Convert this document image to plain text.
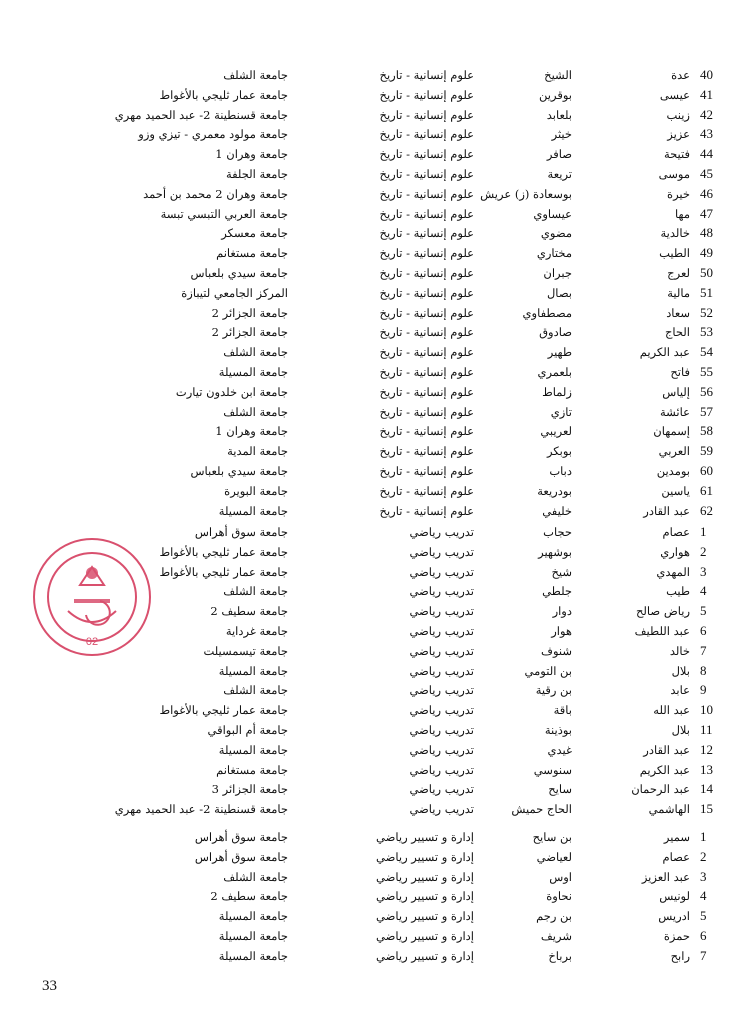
40
عدة
الشيخ
علوم إنسانية - تاريخ
جامعة الشلف
41
عيسى
بوقرين
علوم إنسانية - تاريخ
جامعة عمار ثليجي بالأغواط
42
زينب
بلعابد
علوم إنسانية - تاريخ
جامعة قسنطينة 2- عبد الحميد مهري
43
عزيز
خيثر
علوم إنسانية - تاريخ
جامعة مولود معمري - تيزي وزو
44
فتيحة
صافر
علوم إنسانية - تاريخ
جامعة وهران 1
45
موسى
تريعة
علوم إنسانية - تاريخ
جامعة الجلفة
46
خيرة
بوسعادة (ز) عريش
علوم إنسانية - تاريخ
جامعة وهران 2 محمد بن أحمد
47
مها
عيساوي
علوم إنسانية - تاريخ
جامعة العربي التبسي تبسة
48
خالدية
مضوي
علوم إنسانية - تاريخ
جامعة معسكر
49
الطيب
مختاري
علوم إنسانية - تاريخ
جامعة مستغانم
50
لعرج
جبران
علوم إنسانية - تاريخ
جامعة سيدي بلعباس
51
مالية
بصال
علوم إنسانية - تاريخ
المركز الجامعي لتيبازة
52
سعاد
مصطفاوي
علوم إنسانية - تاريخ
جامعة الجزائر 2
53
الحاج
صادوق
علوم إنسانية - تاريخ
جامعة الجزائر 2
54
عبد الكريم
طهير
علوم إنسانية - تاريخ
جامعة الشلف
55
فاتح
بلعمري
علوم إنسانية - تاريخ
جامعة المسيلة
56
إلياس
زلماط
علوم إنسانية - تاريخ
جامعة ابن خلدون تيارت
57
عائشة
تازي
علوم إنسانية - تاريخ
جامعة الشلف
58
إسمهان
لعريبي
علوم إنسانية - تاريخ
جامعة وهران 1
59
العربي
بوبكر
علوم إنسانية - تاريخ
جامعة المدية
60
بومدين
دباب
علوم إنسانية - تاريخ
جامعة سيدي بلعباس
61
ياسين
بودريعة
علوم إنسانية - تاريخ
جامعة البويرة
62
عبد القادر
خليفي
علوم إنسانية - تاريخ
جامعة المسيلة
1
عصام
حجاب
تدريب رياضي
جامعة سوق أهراس
2
هواري
بوشهير
تدريب رياضي
جامعة عمار ثليجي بالأغواط
3
المهدي
شيخ
تدريب رياضي
جامعة عمار ثليجي بالأغواط
4
طيب
جلطي
تدريب رياضي
جامعة الشلف
5
رياض صالح
دوار
تدريب رياضي
جامعة سطيف 2
6
عبد اللطيف
هوار
تدريب رياضي
جامعة غرداية
7
خالد
شنوف
تدريب رياضي
جامعة تيسمسيلت
8
بلال
بن التومي
تدريب رياضي
جامعة المسيلة
9
عابد
بن رقية
تدريب رياضي
جامعة الشلف
10
عبد الله
باقة
تدريب رياضي
جامعة عمار ثليجي بالأغواط
11
بلال
بوذينة
تدريب رياضي
جامعة أم البواقي
12
عبد القادر
غيدي
تدريب رياضي
جامعة المسيلة
13
عبد الكريم
سنوسي
تدريب رياضي
جامعة مستغانم
14
عبد الرحمان
سايح
تدريب رياضي
جامعة الجزائر 3
15
الهاشمي
الحاج حميش
تدريب رياضي
جامعة قسنطينة 2- عبد الحميد مهري
1
سمير
بن سايح
إدارة و تسيير رياضي
جامعة سوق أهراس
2
عصام
لعياضي
إدارة و تسيير رياضي
جامعة سوق أهراس
3
عبد العزيز
اوس
إدارة و تسيير رياضي
جامعة الشلف
4
لونيس
نحاوة
إدارة و تسيير رياضي
جامعة سطيف 2
5
ادريس
بن رجم
إدارة و تسيير رياضي
جامعة المسيلة
6
حمزة
شريف
إدارة و تسيير رياضي
جامعة المسيلة
7
رابح
برباخ
إدارة و تسيير رياضي
جامعة المسيلة
02
33
